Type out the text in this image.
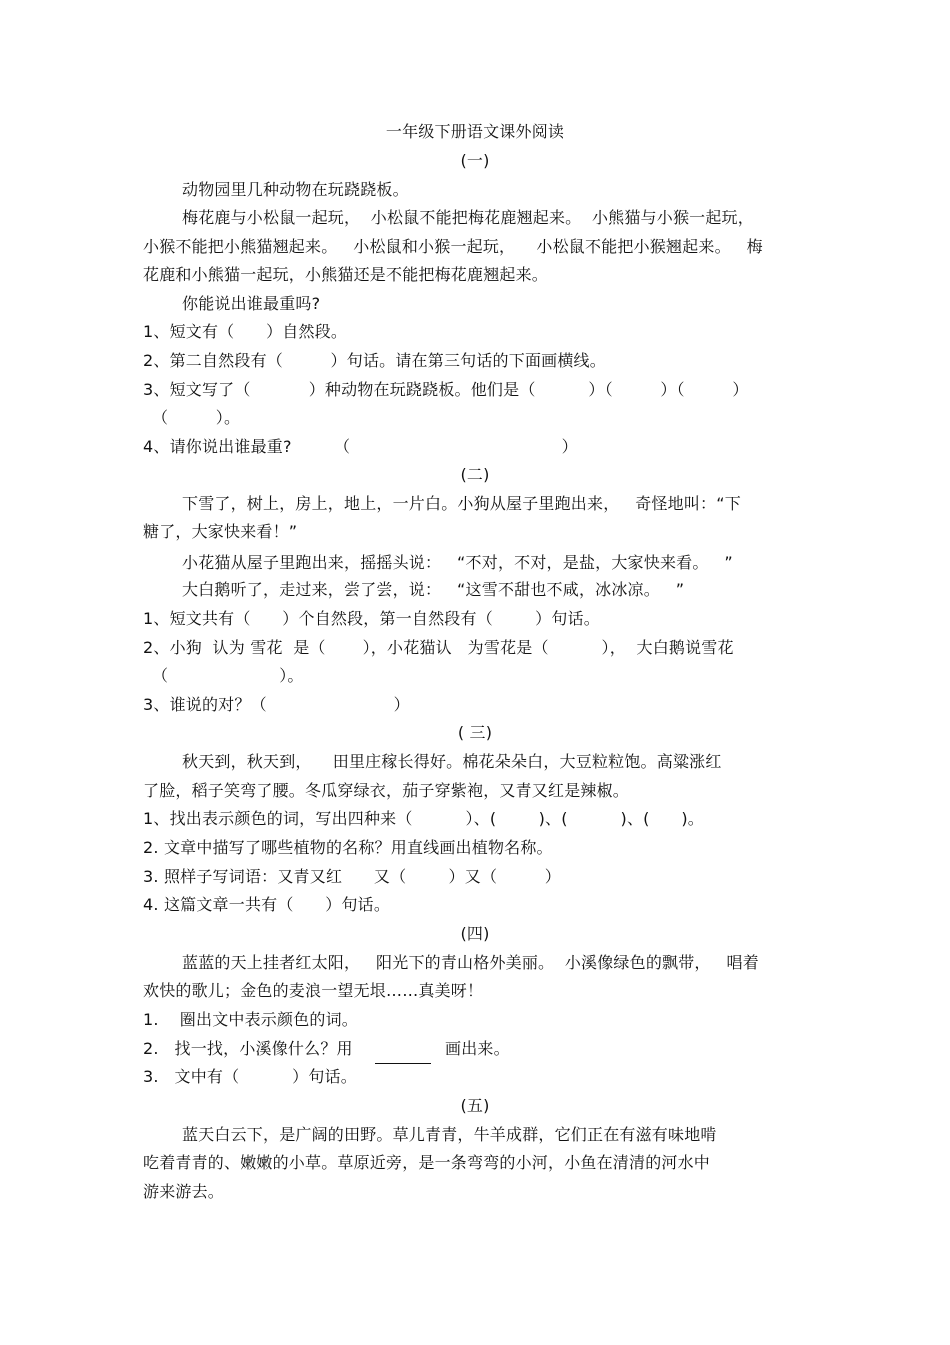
一年级下册语文课外阅读
(一)
动物园里几种动物在玩跷跷板。
梅花鹿与小松鼠一起玩，  小松鼠不能把梅花鹿翘起来。  小熊猫与小猴一起玩，
小猴不能把小熊猫翘起来。   小松鼠和小猴一起玩，    小松鼠不能把小猴翘起来。   梅
花鹿和小熊猫一起玩，小熊猫还是不能把梅花鹿翘起来。
你能说出谁最重吗?
1、短文有（      ）自然段。
2、第二自然段有（         ）句话。请在第三句话的下面画横线。
3、短文写了（           ）种动物在玩跷跷板。他们是（          ）（         ）（         ）
（         ）。
4、请你说出谁最重?        （                                        ）
(二)
下雪了，树上，房上，地上，一片白。小狗从屋子里跑出来，   奇怪地叫：“下
糖了，大家快来看！”
小花猫从屋子里跑出来，摇摇头说：   “不对，不对，是盐，大家快来看。   ”
大白鹅听了，走过来，尝了尝，说：   “这雪不甜也不咸，冰冰凉。   ”
1、短文共有（      ）个自然段，第一自然段有（        ）句话。
2、小狗  认为 雪花  是（       ），小花猫认   为雪花是（          ），  大白鹅说雪花
（                     ）。
3、谁说的对？（                        ）
( 三)
秋天到，秋天到，    田里庄稼长得好。棉花朵朵白，大豆粒粒饱。高粱涨红
了脸，稻子笑弯了腰。冬瓜穿绿衣，茄子穿紫袍，又青又红是辣椒。
1、找出表示颜色的词，写出四种来（          ）、(        )、(          )、(      )。
2. 文章中描写了哪些植物的名称？用直线画出植物名称。
3. 照样子写词语：又青又红      又（        ）又（         ）
4. 这篇文章一共有（      ）句话。
(四)
蓝蓝的天上挂者红太阳，   阳光下的青山格外美丽。  小溪像绿色的飘带，   唱着
欢快的歌儿；金色的麦浪一望无垠……真美呀！
1.    圈出文中表示颜色的词。
2.   找一找，小溪像什么？用	画出来。
3.   文中有（          ）句话。
(五)
蓝天白云下，是广阔的田野。草儿青青，牛羊成群，它们正在有滋有味地啃
吃着青青的、嫩嫩的小草。草原近旁，是一条弯弯的小河，小鱼在清清的河水中
游来游去。
